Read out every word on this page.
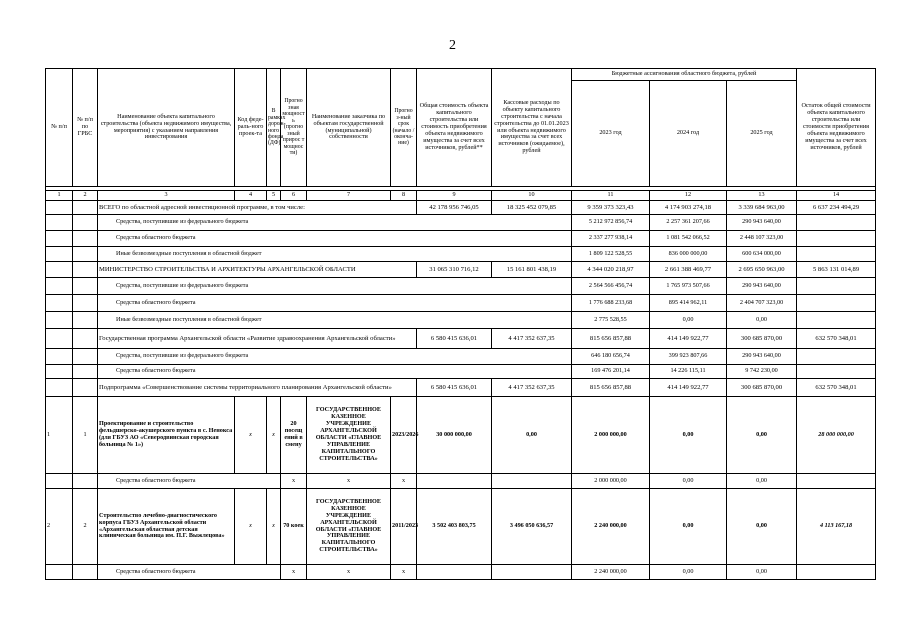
2
№ п/п	№ п/п по ГРБС	Наименование объекта капитального строительства (объекта недвижимого имущества, мероприятия) с указанием направления инвестирования	Код феде-раль-ного проек-та	В рамках дорож-ного фонда (ДФ)	Прогно зная мощност ь (прогно зный прирос т мощнос ти)	Наименование заказчика по объектам государственной (муниципальной) собственности	Прогно з-ный срок (начало / оконча-ние)	Общая стоимость объекта капитального строительства или стоимость приобретения объекта недвижимого имущества за счет всех источников, рублей**	Кассовые расходы по объекту капитального строительства с начала строительства до 01.01.2023 или объекта недвижимого имущества за счет всех источников (ожидаемое), рублей	Бюджетные ассигнования областного бюджета, рублей			Остаток общей стоимости объекта капитального строительства или стоимости приобретения объекта недвижимого имущества за счет всех источников, рублей
										2023 год	2024 год	2025 год	

1	2	3	4	5	6	7	8	9	10	11	12	13	14
		ВСЕГО по областной адресной инвестиционной программе, в том числе:						42 178 956 746,05	18 325 452 079,85	9 359 373 323,43	4 174 903 274,18	3 339 684 963,00	6 637 234 494,29
		Средства, поступившие из федерального бюджета								5 212 972 856,74	2 257 361 207,66	290 943 640,00	
		Средства областного бюджета								2 337 277 938,14	1 081 542 066,52	2 448 107 323,00	
		Иные безвозмездные поступления в областной бюджет								1 809 122 528,55	836 000 000,00	600 634 000,00	
		МИНИСТЕРСТВО СТРОИТЕЛЬСТВА И АРХИТЕКТУРЫ АРХАНГЕЛЬСКОЙ ОБЛАСТИ						31 065 310 716,12	15 161 801 438,19	4 344 020 218,97	2 661 388 469,77	2 695 650 963,00	5 863 131 014,89
		Средства, поступившие из федерального бюджета								2 564 566 456,74	1 765 973 507,66	290 943 640,00	
		Средства областного бюджета								1 776 688 233,68	895 414 962,11	2 404 707 323,00	
		Иные безвозмездные поступления в областной бюджет								2 775 528,55	0,00	0,00	
		Государственная программа Архангельской области «Развитие здравоохранения Архангельской области»						6 580 415 636,01	4 417 352 637,35	815 656 857,88	414 149 922,77	300 685 870,00	632 570 348,01
		Средства, поступившие из федерального бюджета								646 180 656,74	399 923 807,66	290 943 640,00	
		Средства областного бюджета								169 476 201,14	14 226 115,11	9 742 230,00	
		Подпрограмма «Совершенствование системы территориального планирования Архангельской области»						6 580 415 636,01	4 417 352 637,35	815 656 857,88	414 149 922,77	300 685 870,00	632 570 348,01
1	1	Проектирование и строительство фельдшерско-акушерского пункта в с. Ненокса (для ГБУЗ АО «Северодвинская городская больница № 1»)	x	x	20 посещ ений в смену	ГОСУДАРСТВЕННОЕ КАЗЕННОЕ УЧРЕЖДЕНИЕ АРХАНГЕЛЬСКОЙ ОБЛАСТИ «ГЛАВНОЕ УПРАВЛЕНИЕ КАПИТАЛЬНОГО СТРОИТЕЛЬСТВА»	2023/2026	30 000 000,00	0,00	2 000 000,00	0,00	0,00	28 000 000,00
		Средства областного бюджета			x	x	x			2 000 000,00	0,00	0,00	
2	2	Строительство лечебно-диагностического корпуса ГБУЗ Архангельской области «Архангельская областная детская клиническая больница им. П.Г. Выжлецова»	x	x	70 коек	ГОСУДАРСТВЕННОЕ КАЗЕННОЕ УЧРЕЖДЕНИЕ АРХАНГЕЛЬСКОЙ ОБЛАСТИ «ГЛАВНОЕ УПРАВЛЕНИЕ КАПИТАЛЬНОГО СТРОИТЕЛЬСТВА»	2011/2023	3 502 403 803,75	3 496 050 636,57	2 240 000,00	0,00	0,00	4 113 167,18
		Средства областного бюджета			x	x	x			2 240 000,00	0,00	0,00	
